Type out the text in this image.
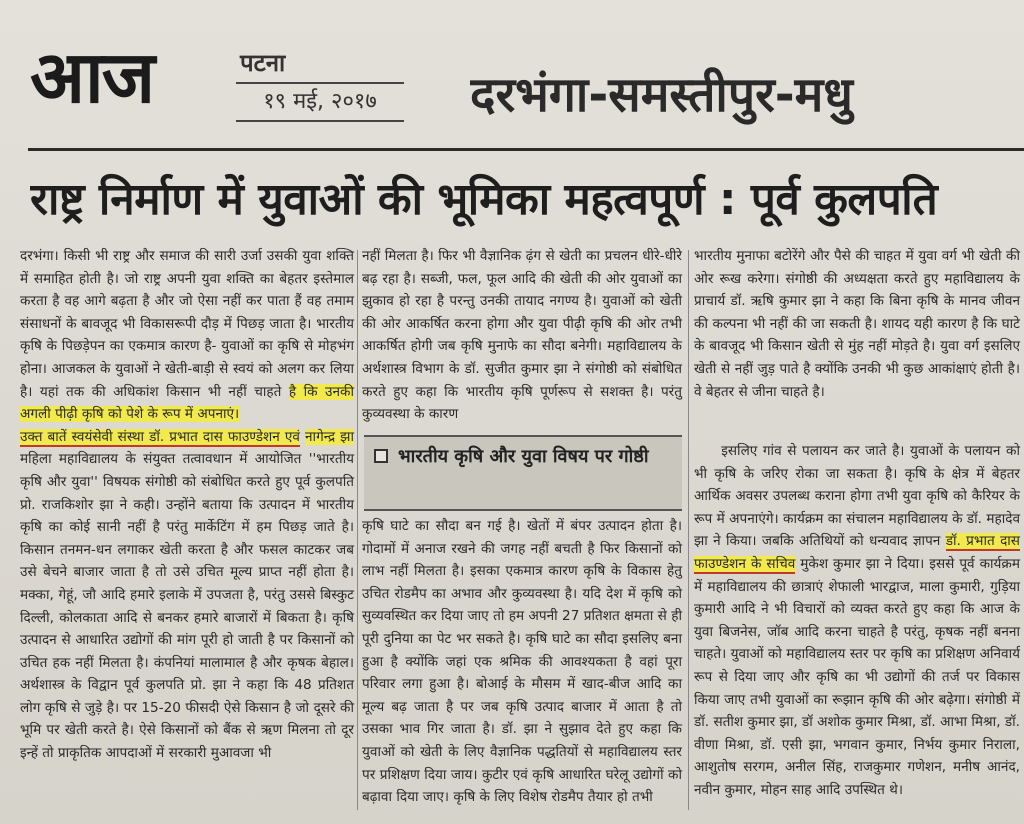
आज	पटना
१९ मई, २०१७	दरभंगा-समस्तीपुर-मधु
राष्ट्र निर्माण में युवाओं की भूमिका महत्वपूर्ण : पूर्व कुलपति

दरभंगा। किसी भी राष्ट्र और समाज की सारी उर्जा उसकी युवा शक्ति में समाहित होती है। जो राष्ट्र अपनी युवा शक्ति का बेहतर इस्तेमाल करता है वह आगे बढ़ता है और जो ऐसा नहीं कर पाता हैं वह तमाम संसाधनों के बावजूद भी विकासरूपी दौड़ में पिछड़ जाता है। भारतीय कृषि के पिछड़ेपन का एकमात्र कारण है- युवाओं का कृषि से मोहभंग होना। आजकल के युवाओं ने खेती-बाड़ी से स्वयं को अलग कर लिया है। यहां तक की अधिकांश किसान भी नहीं चाहते है कि उनकी अगली पीढ़ी कृषि को पेशे के रूप में अपनाएं।

उक्त बातें स्वयंसेवी संस्था डॉ. प्रभात दास फाउण्डेशन एवं नागेन्द्र झा महिला महाविद्यालय के संयुक्त तत्वावधान में आयोजित ''भारतीय कृषि और युवा'' विषयक संगोष्ठी को संबोधित करते हुए पूर्व कुलपति प्रो. राजकिशोर झा ने कही। उन्होंने बताया कि उत्पादन में भारतीय कृषि का कोई सानी नहीं है परंतु मार्केटिंग में हम पिछड़ जाते है। किसान तनमन-धन लगाकर खेती करता है और फसल काटकर जब उसे बेचने बाजार जाता है तो उसे उचित मूल्य प्राप्त नहीं होता है। मक्का, गेहूं, जौ आदि हमारे इलाके में उपजता है, परंतु उससे बिस्कुट दिल्ली, कोलकाता आदि से बनकर हमारे बाजारों में बिकता है। कृषि उत्पादन से आधारित उद्योगों की मांग पूरी हो जाती है पर किसानों को उचित हक नहीं मिलता है। कंपनियां मालामाल है और कृषक बेहाल। अर्थशास्त्र के विद्वान पूर्व कुलपति प्रो. झा ने कहा कि 48 प्रतिशत लोग कृषि से जुड़े है। पर 15-20 फीसदी ऐसे किसान है जो दूसरे की भूमि पर खेती करते है। ऐसे किसानों को बैंक से ऋण मिलना तो दूर इन्हें तो प्राकृतिक आपदाओं में सरकारी मुआवजा भी

नहीं मिलता है। फिर भी वैज्ञानिक ढ़ंग से खेती का प्रचलन धीरे-धीरे बढ़ रहा है। सब्जी, फल, फूल आदि की खेती की ओर युवाओं का झुकाव हो रहा है परन्तु उनकी तायाद नगण्य है। युवाओं को खेती की ओर आकर्षित करना होगा और युवा पीढ़ी कृषि की ओर तभी आकर्षित होगी जब कृषि मुनाफे का सौदा बनेगी। महाविद्यालय के अर्थशास्त्र विभाग के डॉ. सुजीत कुमार झा ने संगोष्ठी को संबोधित करते हुए कहा कि भारतीय कृषि पूर्णरूप से सशक्त है। परंतु कुव्यवस्था के कारण

भारतीय कृषि और युवा विषय पर गोष्ठी

कृषि घाटे का सौदा बन गई है। खेतों में बंपर उत्पादन होता है। गोदामों में अनाज रखने की जगह नहीं बचती है फिर किसानों को लाभ नहीं मिलता है। इसका एकमात्र कारण कृषि के विकास हेतु उचित रोडमैप का अभाव और कुव्यवस्था है। यदि देश में कृषि को सुव्यवस्थित कर दिया जाए तो हम अपनी 27 प्रतिशत क्षमता से ही पूरी दुनिया का पेट भर सकते है। कृषि घाटे का सौदा इसलिए बना हुआ है क्योंकि जहां एक श्रमिक की आवश्यकता है वहां पूरा परिवार लगा हुआ है। बोआई के मौसम में खाद-बीज आदि का मूल्य बढ़ जाता है पर जब कृषि उत्पाद बाजार में आता है तो उसका भाव गिर जाता है। डॉ. झा ने सुझाव देते हुए कहा कि युवाओं को खेती के लिए वैज्ञानिक पद्धतियों से महाविद्यालय स्तर पर प्रशिक्षण दिया जाय। कुटीर एवं कृषि आधारित घरेलू उद्योगों को बढ़ावा दिया जाए। कृषि के लिए विशेष रोडमैप तैयार हो तभी

भारतीय मुनाफा बटोरेंगे और पैसे की चाहत में युवा वर्ग भी खेती की ओर रूख करेगा। संगोष्ठी की अध्यक्षता करते हुए महाविद्यालय के प्राचार्य डॉ. ऋषि कुमार झा ने कहा कि बिना कृषि के मानव जीवन की कल्पना भी नहीं की जा सकती है। शायद यही कारण है कि घाटे के बावजूद भी किसान खेती से मुंह नहीं मोड़ते है। युवा वर्ग इसलिए खेती से नहीं जुड़ पाते है क्योंकि उनकी भी कुछ आकांक्षाएं होती है। वे बेहतर से जीना चाहते है।

इसलिए गांव से पलायन कर जाते है। युवाओं के पलायन को भी कृषि के जरिए रोका जा सकता है। कृषि के क्षेत्र में बेहतर आर्थिक अवसर उपलब्ध कराना होगा तभी युवा कृषि को कैरियर के रूप में अपनाएंगे। कार्यक्रम का संचालन महाविद्यालय के डॉ. महादेव झा ने किया। जबकि अतिथियों को धन्यवाद ज्ञापन डॉ. प्रभात दास फाउण्डेशन के सचिव मुकेश कुमार झा ने दिया। इससे पूर्व कार्यक्रम में महाविद्यालय की छात्राएं शेफाली भारद्वाज, माला कुमारी, गुड़िया कुमारी आदि ने भी विचारों को व्यक्त करते हुए कहा कि आज के युवा बिजनेस, जॉब आदि करना चाहते है परंतु, कृषक नहीं बनना चाहते। युवाओं को महाविद्यालय स्तर पर कृषि का प्रशिक्षण अनिवार्य रूप से दिया जाए और कृषि का भी उद्योगों की तर्ज पर विकास किया जाए तभी युवाओं का रूझान कृषि की ओर बढ़ेगा। संगोष्ठी में डॉ. सतीश कुमार झा, डॉ अशोक कुमार मिश्रा, डॉ. आभा मिश्रा, डॉ. वीणा मिश्रा, डॉ. एसी झा, भगवान कुमार, निर्भय कुमार निराला, आशुतोष सरगम, अनील सिंह, राजकुमार गणेशन, मनीष आनंद, नवीन कुमार, मोहन साह आदि उपस्थित थे।
